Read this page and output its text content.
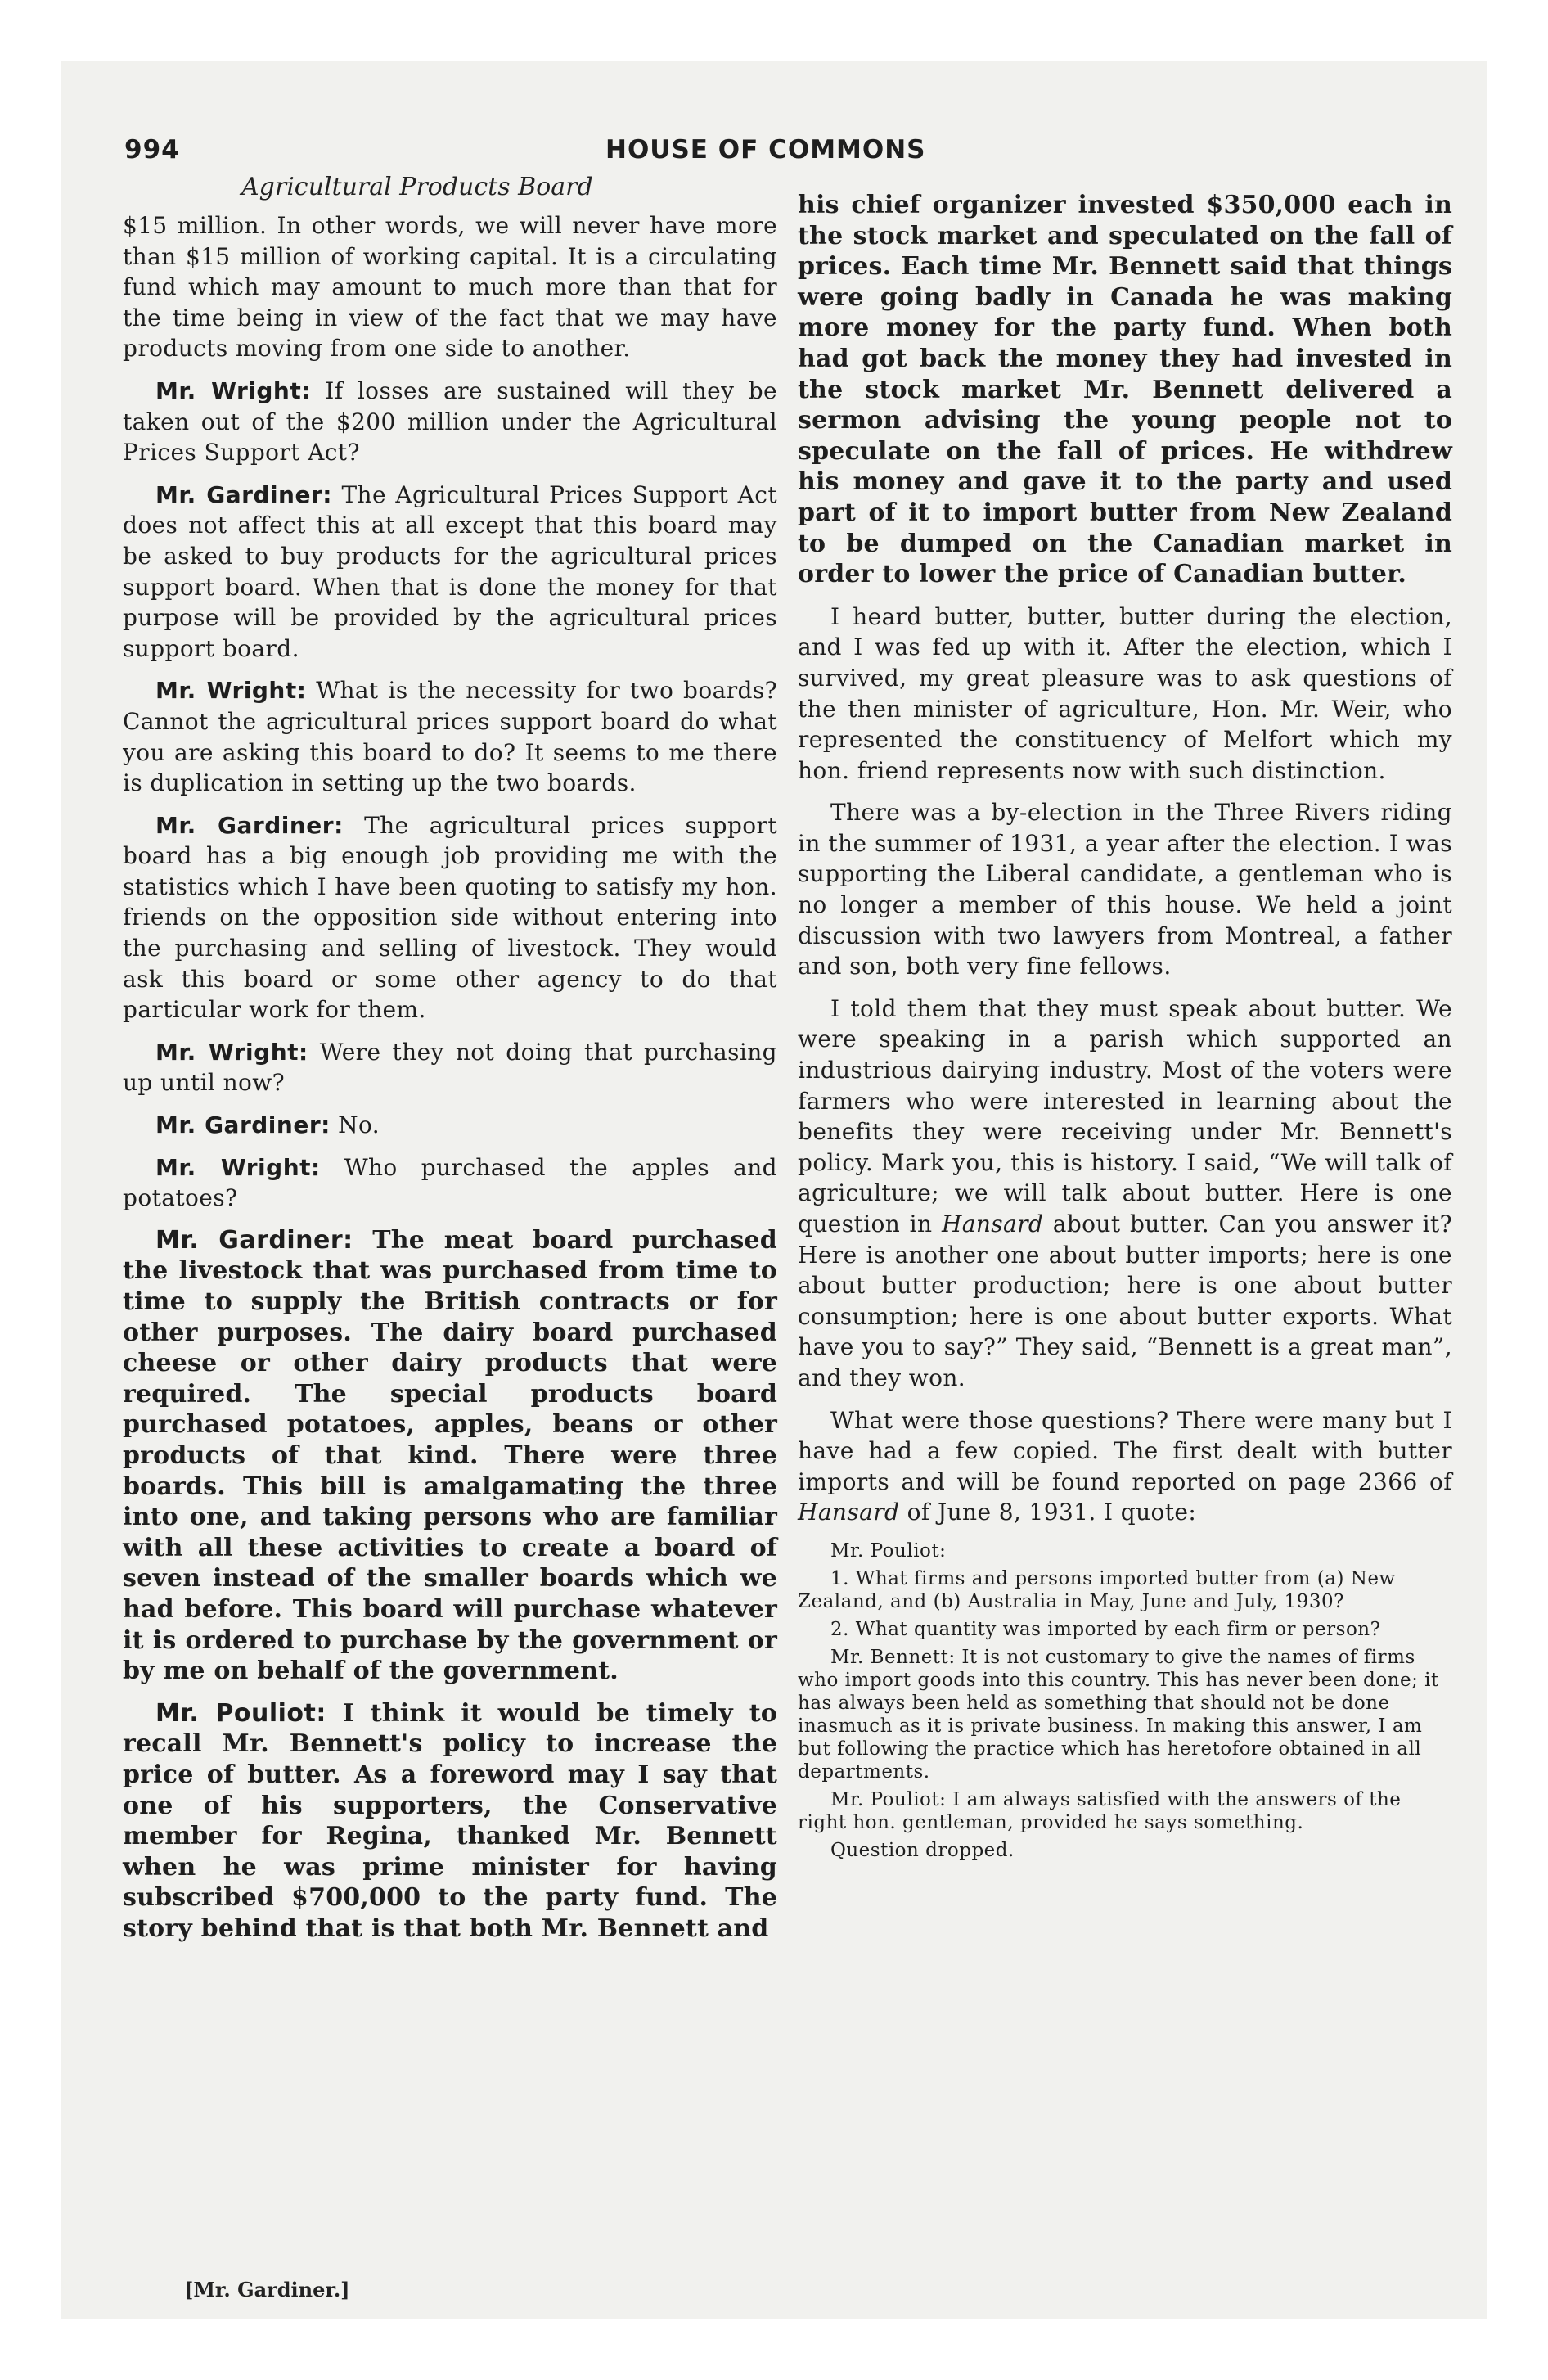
994	HOUSE OF COMMONS
Agricultural Products Board

$15 million. In other words, we will never have more than $15 million of working capital. It is a circulating fund which may amount to much more than that for the time being in view of the fact that we may have products moving from one side to another.

Mr. Wright: If losses are sustained will they be taken out of the $200 million under the Agricultural Prices Support Act?

Mr. Gardiner: The Agricultural Prices Support Act does not affect this at all except that this board may be asked to buy products for the agricultural prices support board. When that is done the money for that purpose will be provided by the agricultural prices support board.

Mr. Wright: What is the necessity for two boards? Cannot the agricultural prices support board do what you are asking this board to do? It seems to me there is duplication in setting up the two boards.

Mr. Gardiner: The agricultural prices support board has a big enough job providing me with the statistics which I have been quoting to satisfy my hon. friends on the opposition side without entering into the purchasing and selling of livestock. They would ask this board or some other agency to do that particular work for them.

Mr. Wright: Were they not doing that purchasing up until now?

Mr. Gardiner: No.

Mr. Wright: Who purchased the apples and potatoes?

Mr. Gardiner: The meat board purchased the livestock that was purchased from time to time to supply the British contracts or for other purposes. The dairy board purchased cheese or other dairy products that were required. The special products board purchased potatoes, apples, beans or other products of that kind. There were three boards. This bill is amalgamating the three into one, and taking persons who are familiar with all these activities to create a board of seven instead of the smaller boards which we had before. This board will purchase whatever it is ordered to purchase by the government or by me on behalf of the government.

Mr. Pouliot: I think it would be timely to recall Mr. Bennett's policy to increase the price of butter. As a foreword may I say that one of his supporters, the Conservative member for Regina, thanked Mr. Bennett when he was prime minister for having subscribed $700,000 to the party fund. The story behind that is that both Mr. Bennett and

his chief organizer invested $350,000 each in the stock market and speculated on the fall of prices. Each time Mr. Bennett said that things were going badly in Canada he was making more money for the party fund. When both had got back the money they had invested in the stock market Mr. Bennett delivered a sermon advising the young people not to speculate on the fall of prices. He withdrew his money and gave it to the party and used part of it to import butter from New Zealand to be dumped on the Canadian market in order to lower the price of Canadian butter.

I heard butter, butter, butter during the election, and I was fed up with it. After the election, which I survived, my great pleasure was to ask questions of the then minister of agriculture, Hon. Mr. Weir, who represented the constituency of Melfort which my hon. friend represents now with such distinction.

There was a by-election in the Three Rivers riding in the summer of 1931, a year after the election. I was supporting the Liberal candidate, a gentleman who is no longer a member of this house. We held a joint discussion with two lawyers from Montreal, a father and son, both very fine fellows.

I told them that they must speak about butter. We were speaking in a parish which supported an industrious dairying industry. Most of the voters were farmers who were interested in learning about the benefits they were receiving under Mr. Bennett's policy. Mark you, this is history. I said, “We will talk of agriculture; we will talk about butter. Here is one question in Hansard about butter. Can you answer it? Here is another one about butter imports; here is one about butter production; here is one about butter consumption; here is one about butter exports. What have you to say?” They said, “Bennett is a great man”, and they won.

What were those questions? There were many but I have had a few copied. The first dealt with butter imports and will be found reported on page 2366 of Hansard of June 8, 1931. I quote:

Mr. Pouliot:

1. What firms and persons imported butter from (a) New Zealand, and (b) Australia in May, June and July, 1930?

2. What quantity was imported by each firm or person?

Mr. Bennett: It is not customary to give the names of firms who import goods into this country. This has never been done; it has always been held as something that should not be done inasmuch as it is private business. In making this answer, I am but following the practice which has heretofore obtained in all departments.

Mr. Pouliot: I am always satisfied with the answers of the right hon. gentleman, provided he says something.

Question dropped.

[Mr. Gardiner.]
